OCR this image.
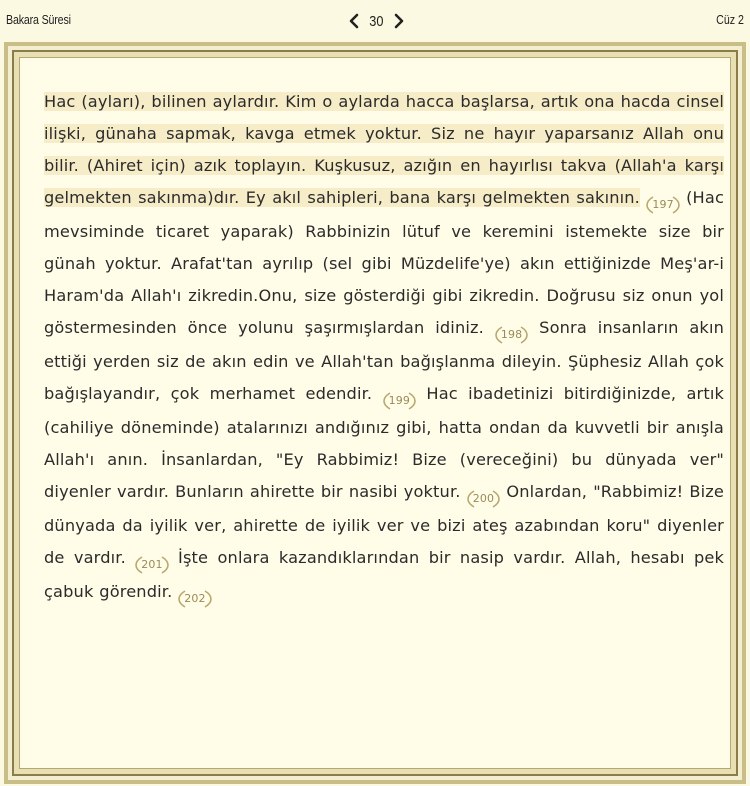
Bakara Süresi	30	Cüz 2
Hac (ayları), bilinen aylardır. Kim o aylarda hacca başlarsa, artık ona hacda cinsel ilişki, günaha sapmak, kavga etmek yoktur. Siz ne hayır yaparsanız Allah onu bilir. (Ahiret için) azık toplayın. Kuşkusuz, azığın en hayırlısı takva (Allah'a karşı gelmekten sakınma)dır. Ey akıl sahipleri, bana karşı gelmekten sakının. 197 (Hac mevsiminde ticaret yaparak) Rabbinizin lütuf ve keremini istemekte size bir günah yoktur. Arafat'tan ayrılıp (sel gibi Müzdelife'ye) akın ettiğinizde Meş'ar-i Haram'da Allah'ı zikredin.Onu, size gösterdiği gibi zikredin. Doğrusu siz onun yol göstermesinden önce yolunu şaşırmışlardan idiniz. 198 Sonra insanların akın ettiği yerden siz de akın edin ve Allah'tan bağışlanma dileyin. Şüphesiz Allah çok bağışlayandır, çok merhamet edendir. 199 Hac ibadetinizi bitirdiğinizde, artık (cahiliye döneminde) atalarınızı andığınız gibi, hatta ondan da kuvvetli bir anışla Allah'ı anın. İnsanlardan, "Ey Rabbimiz! Bize (vereceğini) bu dünyada ver" diyenler vardır. Bunların ahirette bir nasibi yoktur. 200 Onlardan, "Rabbimiz! Bize dünyada da iyilik ver, ahirette de iyilik ver ve bizi ateş azabından koru" diyenler de vardır. 201 İşte onlara kazandıklarından bir nasip vardır. Allah, hesabı pek çabuk görendir. 202
